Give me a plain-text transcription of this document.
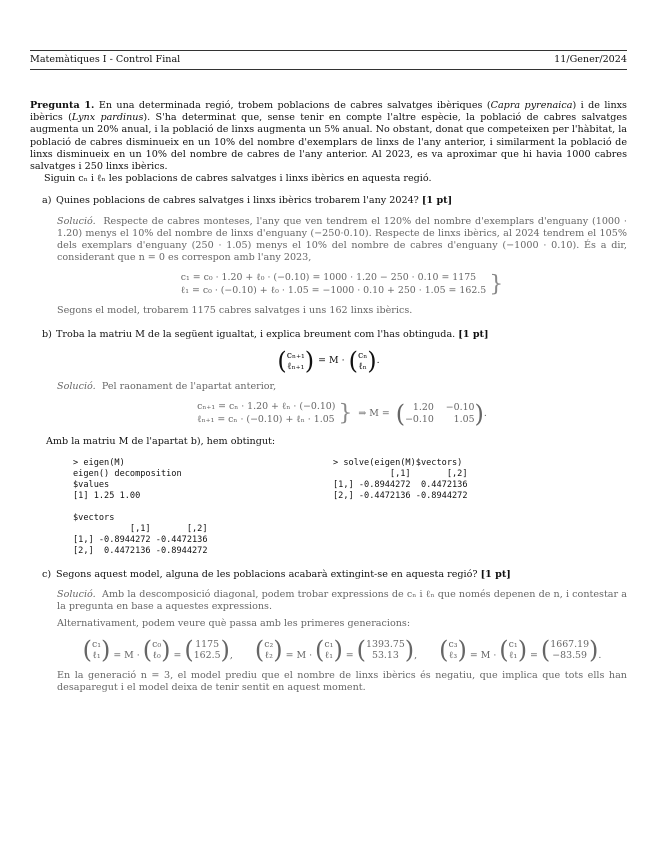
Matemàtiques I - Control Final	11/Gener/2024

Pregunta 1. En una determinada regió, trobem poblacions de cabres salvatges ibèriques (Capra pyrenaica) i de linxs ibèrics (Lynx pardinus). S'ha determinat que, sense tenir en compte l'altre espècie, la població de cabres salvatges augmenta un 20% anual, i la població de linxs augmenta un 5% anual. No obstant, donat que competeixen per l'hàbitat, la població de cabres disminueix en un 10% del nombre d'exemplars de linxs de l'any anterior, i similarment la població de linxs disminueix en un 10% del nombre de cabres de l'any anterior. Al 2023, es va aproximar que hi havia 1000 cabres salvatges i 250 linxs ibèrics.

Siguin cₙ i ℓₙ les poblacions de cabres salvatges i linxs ibèrics en aquesta regió.

a) Quines poblacions de cabres salvatges i linxs ibèrics trobarem l'any 2024? [1 pt]

Solució. Respecte de cabres monteses, l'any que ven tendrem el 120% del nombre d'exemplars d'enguany (1000 · 1.20) menys el 10% del nombre de linxs d'enguany (−250·0.10). Respecte de linxs ibèrics, al 2024 tendrem el 105% dels exemplars d'enguany (250 · 1.05) menys el 10% del nombre de cabres d'enguany (−1000 · 0.10). És a dir, considerant que n = 0 es correspon amb l'any 2023,

c₁ = c₀ · 1.20 + ℓ₀ · (−0.10) = 1000 · 1.20 − 250 · 0.10 = 1175
ℓ₁ = c₀ · (−0.10) + ℓ₀ · 1.05 = −1000 · 0.10 + 250 · 1.05 = 162.5 }

Segons el model, trobarem 1175 cabres salvatges i uns 162 linxs ibèrics.

b) Troba la matriu M de la següent igualtat, i explica breument com l'has obtinguda. [1 pt]

( cₙ₊₁
ℓₙ₊₁ ) = M · ( cₙ
ℓₙ ) .

Solució. Pel raonament de l'apartat anterior,

cₙ₊₁ = cₙ · 1.20 + ℓₙ · (−0.10)
ℓₙ₊₁ = cₙ · (−0.10) + ℓₙ · 1.05 } ⇒ M = ( 1.20 −0.10
−0.10	1.05 ) .

Amb la matriu M de l'apartat b), hem obtingut:

> eigen(M)
eigen() decomposition
$values
[1] 1.25 1.00

$vectors
[,1]       [,2]
[1,] -0.8944272 -0.4472136
[2,]  0.4472136 -0.8944272
> solve(eigen(M)$vectors)
[,1]       [,2]
[1,] -0.8944272  0.4472136
[2,] -0.4472136 -0.8944272

c) Segons aquest model, alguna de les poblacions acabarà extingint-se en aquesta regió? [1 pt]

Solució. Amb la descomposició diagonal, podem trobar expressions de cₙ i ℓₙ que només depenen de n, i contestar a la pregunta en base a aquestes expressions.

Alternativament, podem veure què passa amb les primeres generacions:

( c₁
ℓ₁ ) = M · ( c₀
ℓ₀ ) = ( 1175
162.5 ) , ( c₂
ℓ₂ ) = M · ( c₁
ℓ₁ ) = ( 1393.75
53.13 ) , ( c₃
ℓ₃ ) = M · ( c₁
ℓ₁ ) = ( 1667.19
−83.59 ) .

En la generació n = 3, el model prediu que el nombre de linxs ibèrics és negatiu, que implica que tots ells han desaparegut i el model deixa de tenir sentit en aquest moment.
